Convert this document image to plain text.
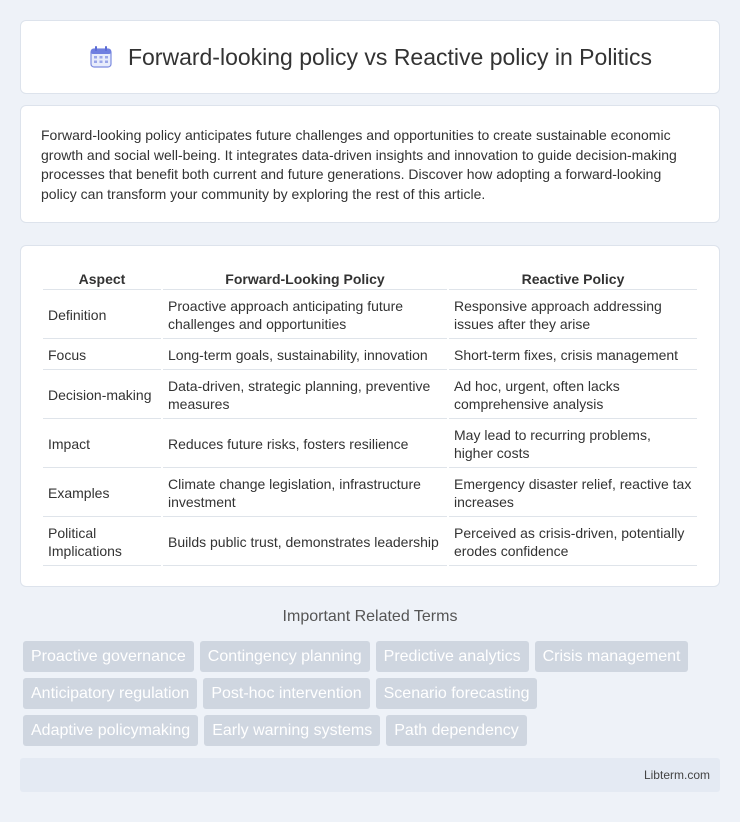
Forward-looking policy vs Reactive policy in Politics

Forward-looking policy anticipates future challenges and opportunities to create sustainable economic growth and social well-being. It integrates data-driven insights and innovation to guide decision-making processes that benefit both current and future generations. Discover how adopting a forward-looking policy can transform your community by exploring the rest of this article.

Aspect	Forward-Looking Policy	Reactive Policy
Definition	Proactive approach anticipating future challenges and opportunities	Responsive approach addressing issues after they arise
Focus	Long-term goals, sustainability, innovation	Short-term fixes, crisis management
Decision-making	Data-driven, strategic planning, preventive measures	Ad hoc, urgent, often lacks comprehensive analysis
Impact	Reduces future risks, fosters resilience	May lead to recurring problems, higher costs
Examples	Climate change legislation, infrastructure investment	Emergency disaster relief, reactive tax increases
Political Implications	Builds public trust, demonstrates leadership	Perceived as crisis-driven, potentially erodes confidence
Important Related Terms
Proactive governance	Contingency planning	Predictive analytics	Crisis management
Anticipatory regulation	Post-hoc intervention	Scenario forecasting
Adaptive policymaking	Early warning systems	Path dependency
Libterm.com
